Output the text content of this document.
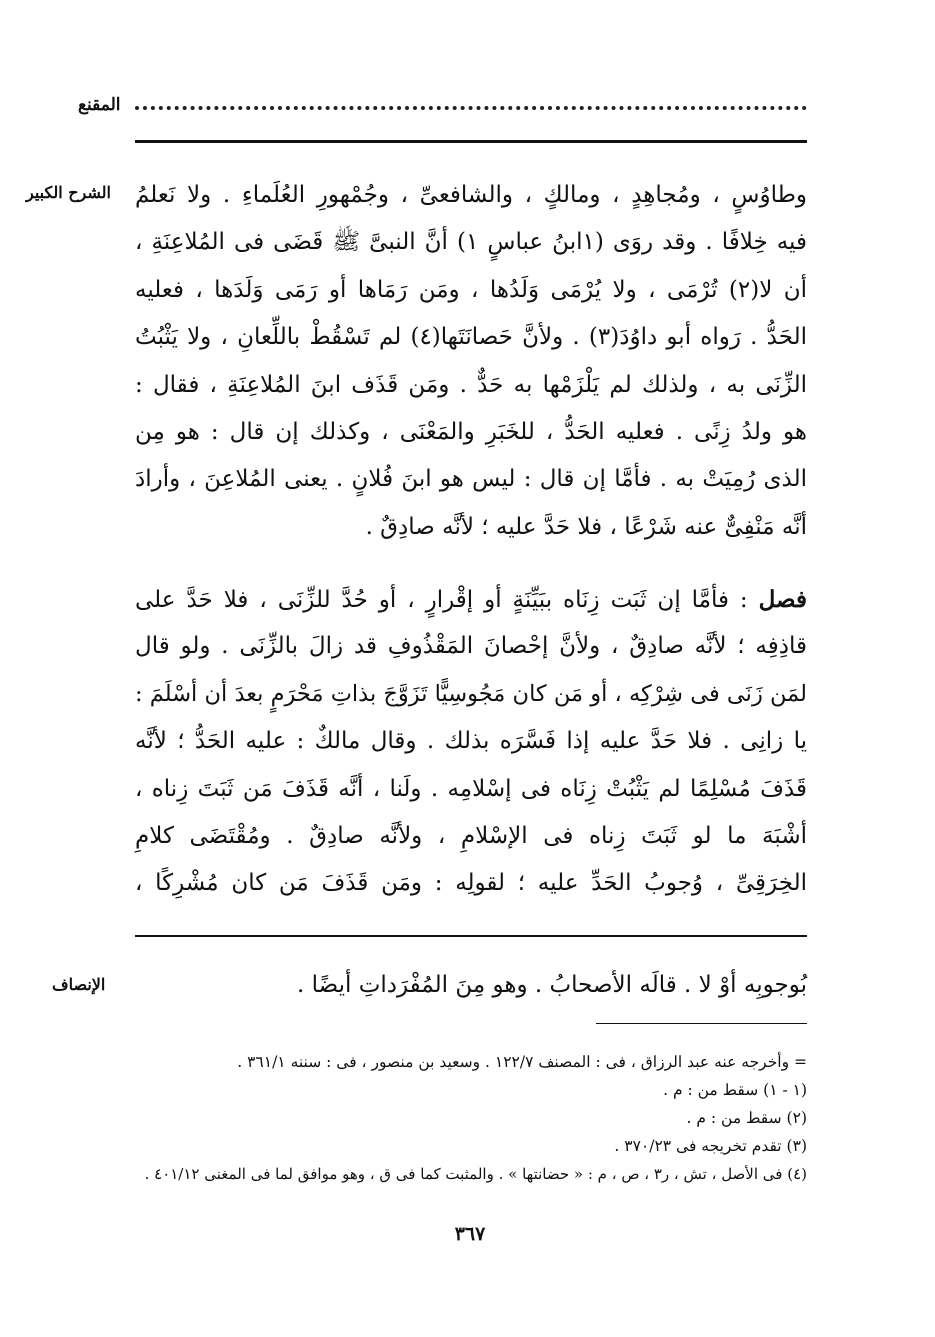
المقنع
الشرح الكبير وطاوُسٍ ، ومُجاهِدٍ ، ومالكٍ ، والشافعىِّ ، وجُمْهورِ العُلَماءِ . ولا نَعلمُ
فيه خِلافًا . وقد روَى (١ابنُ عباسٍ ١) أنَّ النبىَّ ﷺ قَضَى فى المُلاعِنَةِ ،
أن لا(٢) تُرْمَى ، ولا يُرْمَى وَلَدُها ، ومَن رَمَاها أو رَمَى وَلَدَها ، فعليه
الحَدُّ . رَواه أبو داوُدَ(٣) . ولأنَّ حَصانَتَها(٤) لم تَسْقُطْ باللِّعانِ ، ولا يَثْبُتُ
الزِّنَى به ، ولذلك لم يَلْزَمْها به حَدٌّ . ومَن قَذَف ابنَ المُلاعِنَةِ ، فقال :
هو ولدُ زِنًى . فعليه الحَدُّ ، للخَبَرِ والمَعْنَى ، وكذلك إن قال : هو مِن
الذى رُمِيَتْ به . فأمَّا إن قال : ليس هو ابنَ فُلانٍ . يعنى المُلاعِنَ ، وأرادَ
أنَّه مَنْفِىٌّ عنه شَرْعًا ، فلا حَدَّ عليه ؛ لأنَّه صادِقٌ .
فصل : فأمَّا إن ثَبَت زِنَاه ببَيِّنَةٍ أو إقْرارٍ ، أو حُدَّ للزِّنَى ، فلا حَدَّ على
قاذِفِه ؛ لأنَّه صادِقٌ ، ولأنَّ إحْصانَ المَقْذُوفِ قد زالَ بالزِّنَى . ولو قال
لمَن زَنَى فى شِرْكِه ، أو مَن كان مَجُوسِيًّا تَزَوَّجَ بذاتِ مَحْرَمٍ بعدَ أن أسْلَمَ :
يا زانِى . فلا حَدَّ عليه إذا فَسَّرَه بذلك . وقال مالكٌ : عليه الحَدُّ ؛ لأنَّه
قَذَفَ مُسْلِمًا لم يَثْبُتْ زِنَاه فى إسْلامِه . ولَنا ، أنَّه قَذَفَ مَن ثَبَتَ زِناه ،
أشْبَهَ ما لو ثَبَتَ زِناه فى الإسْلامِ ، ولأنَّه صادِقٌ . ومُقْتَضَى كلامِ
الخِرَقِىِّ ، وُجوبُ الحَدِّ عليه ؛ لقولِه : ومَن قَذَفَ مَن كان مُشْرِكًا ،
الإنصاف	بُوجوبِه أوْ لا . قالَه الأصحابُ . وهو مِنَ المُفْرَداتِ أيضًا .
= وأخرجه عنه عبد الرزاق ، فى : المصنف ١٢٢/٧ . وسعيد بن منصور ، فى : سننه ٣٦١/١ .
(١ - ١) سقط من : م .
(٢) سقط من : م .
(٣) تقدم تخريجه فى ٣٧٠/٢٣ .
(٤) فى الأصل ، تش ، ر٣ ، ص ، م : « حضانتها » . والمثبت كما فى ق ، وهو موافق لما فى المغنى ٤٠١/١٢ .
٣٦٧
